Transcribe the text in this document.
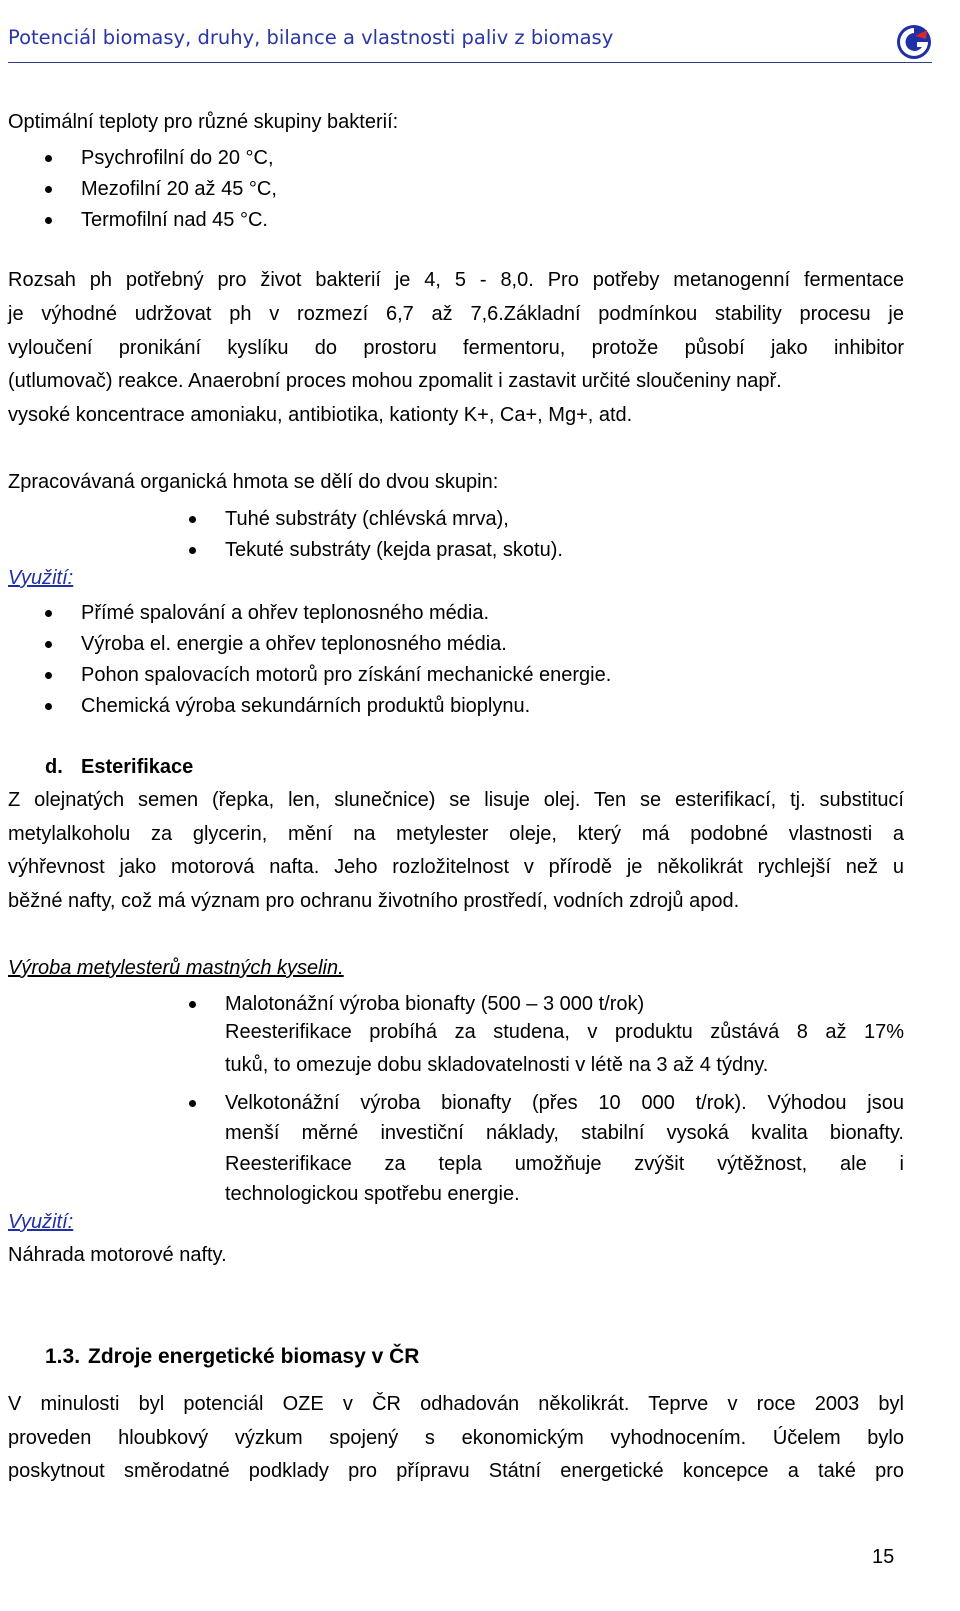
Potenciál biomasy, druhy, bilance a vlastnosti paliv z biomasy
Optimální teploty pro různé skupiny bakterií:
Psychrofilní do 20 °C,
Mezofilní 20 až 45 °C,
Termofilní nad 45 °C.
Rozsah ph potřebný pro život bakterií je 4, 5 - 8,0. Pro potřeby metanogenní fermentace
je výhodné udržovat ph v rozmezí 6,7 až 7,6.Základní podmínkou stability procesu je
vyloučení pronikání kyslíku do prostoru fermentoru, protože působí jako inhibitor
(utlumovač) reakce. Anaerobní proces mohou zpomalit i zastavit určité sloučeniny např.
vysoké koncentrace amoniaku, antibiotika, kationty K+, Ca+, Mg+, atd.
Zpracovávaná organická hmota se dělí do dvou skupin:
Tuhé substráty (chlévská mrva),
Tekuté substráty (kejda prasat, skotu).
Využití:
Přímé spalování a ohřev teplonosného média.
Výroba el. energie a ohřev teplonosného média.
Pohon spalovacích motorů pro získání mechanické energie.
Chemická výroba sekundárních produktů bioplynu.
d. Esterifikace
Z olejnatých semen (řepka, len, slunečnice) se lisuje olej. Ten se esterifikací, tj. substitucí
metylalkoholu za glycerin, mění na metylester oleje, který má podobné vlastnosti a
výhřevnost jako motorová nafta. Jeho rozložitelnost v přírodě je několikrát rychlejší než u
běžné nafty, což má význam pro ochranu životního prostředí, vodních zdrojů apod.
Výroba metylesterů mastných kyselin.
Malotonážní výroba bionafty (500 – 3 000 t/rok)
Reesterifikace probíhá za studena, v produktu zůstává 8 až 17%
tuků, to omezuje dobu skladovatelnosti v létě na 3 až 4 týdny.
Velkotonážní výroba bionafty (přes 10 000 t/rok). Výhodou jsou
menší měrné investiční náklady, stabilní vysoká kvalita bionafty.
Reesterifikace za tepla umožňuje zvýšit výtěžnost, ale i
technologickou spotřebu energie.
Využití:
Náhrada motorové nafty.
1.3. Zdroje energetické biomasy v ČR
V minulosti byl potenciál OZE v ČR odhadován několikrát. Teprve v roce 2003 byl
proveden hloubkový výzkum spojený s ekonomickým vyhodnocením. Účelem bylo
poskytnout směrodatné podklady pro přípravu Státní energetické koncepce a také pro
15
